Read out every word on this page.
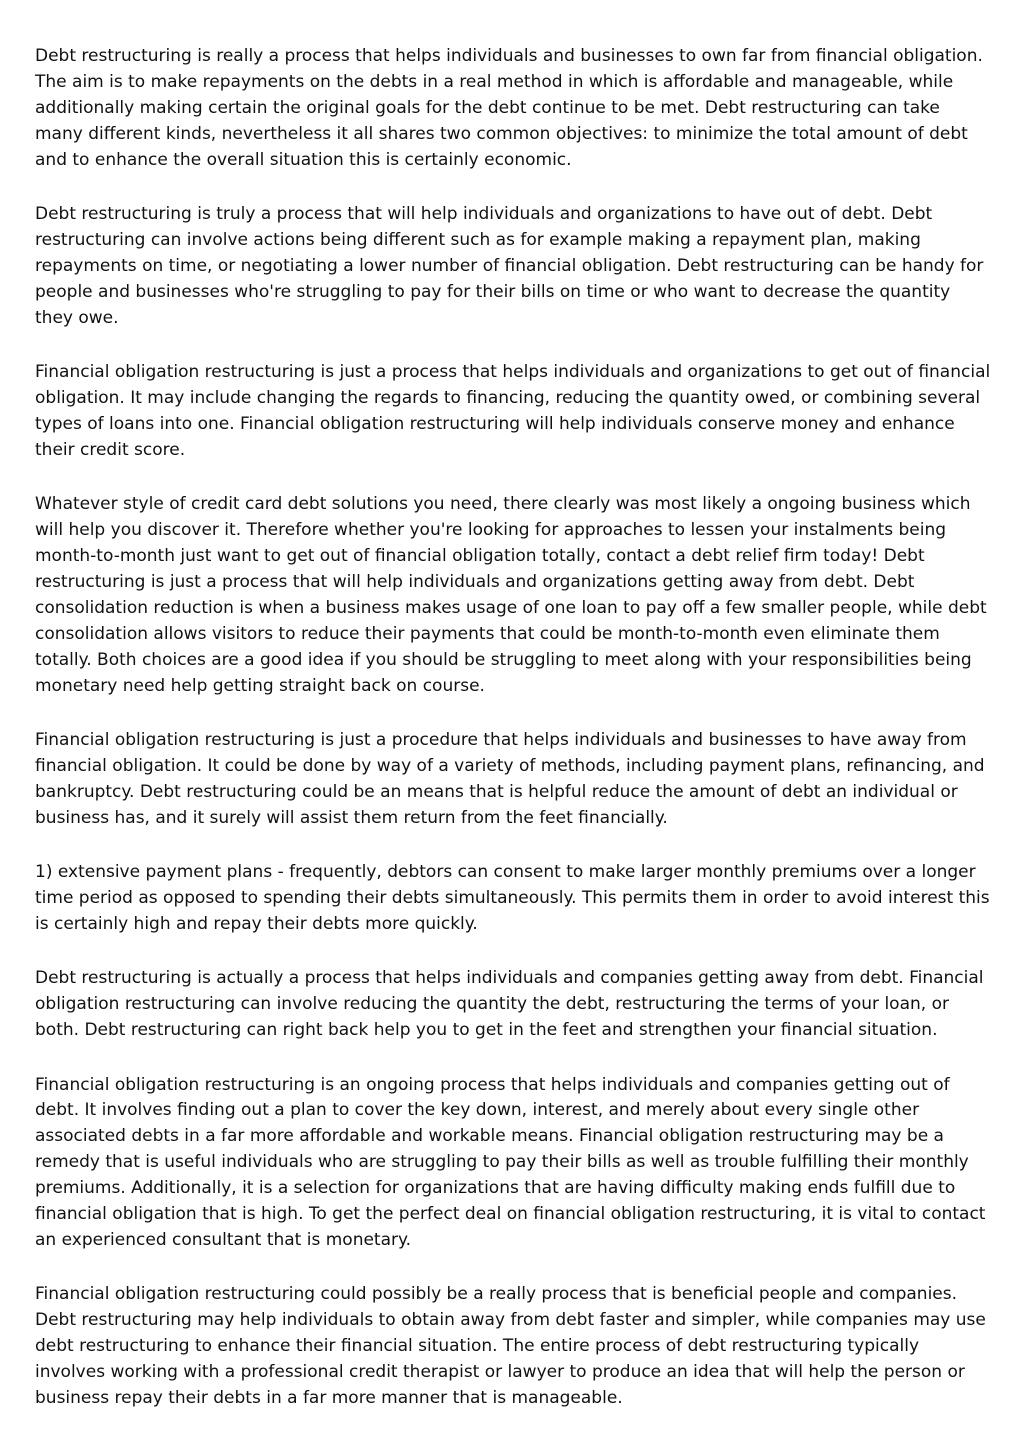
Debt restructuring is really a process that helps individuals and businesses to own far from financial obligation. The aim is to make repayments on the debts in a real method in which is affordable and manageable, while additionally making certain the original goals for the debt continue to be met. Debt restructuring can take many different kinds, nevertheless it all shares two common objectives: to minimize the total amount of debt and to enhance the overall situation this is certainly economic.

Debt restructuring is truly a process that will help individuals and organizations to have out of debt. Debt restructuring can involve actions being different such as for example making a repayment plan, making repayments on time, or negotiating a lower number of financial obligation. Debt restructuring can be handy for people and businesses who're struggling to pay for their bills on time or who want to decrease the quantity they owe.

Financial obligation restructuring is just a process that helps individuals and organizations to get out of financial obligation. It may include changing the regards to financing, reducing the quantity owed, or combining several types of loans into one. Financial obligation restructuring will help individuals conserve money and enhance their credit score.

Whatever style of credit card debt solutions you need, there clearly was most likely a ongoing business which will help you discover it. Therefore whether you're looking for approaches to lessen your instalments being month-to-month just want to get out of financial obligation totally, contact a debt relief firm today! Debt restructuring is just a process that will help individuals and organizations getting away from debt. Debt consolidation reduction is when a business makes usage of one loan to pay off a few smaller people, while debt consolidation allows visitors to reduce their payments that could be month-to-month even eliminate them totally. Both choices are a good idea if you should be struggling to meet along with your responsibilities being monetary need help getting straight back on course.

Financial obligation restructuring is just a procedure that helps individuals and businesses to have away from financial obligation. It could be done by way of a variety of methods, including payment plans, refinancing, and bankruptcy. Debt restructuring could be an means that is helpful reduce the amount of debt an individual or business has, and it surely will assist them return from the feet financially.

1) extensive payment plans - frequently, debtors can consent to make larger monthly premiums over a longer time period as opposed to spending their debts simultaneously. This permits them in order to avoid interest this is certainly high and repay their debts more quickly.

Debt restructuring is actually a process that helps individuals and companies getting away from debt. Financial obligation restructuring can involve reducing the quantity the debt, restructuring the terms of your loan, or both. Debt restructuring can right back help you to get in the feet and strengthen your financial situation.

Financial obligation restructuring is an ongoing process that helps individuals and companies getting out of debt. It involves finding out a plan to cover the key down, interest, and merely about every single other associated debts in a far more affordable and workable means. Financial obligation restructuring may be a remedy that is useful individuals who are struggling to pay their bills as well as trouble fulfilling their monthly premiums. Additionally, it is a selection for organizations that are having difficulty making ends fulfill due to financial obligation that is high. To get the perfect deal on financial obligation restructuring, it is vital to contact an experienced consultant that is monetary.

Financial obligation restructuring could possibly be a really process that is beneficial people and companies. Debt restructuring may help individuals to obtain away from debt faster and simpler, while companies may use debt restructuring to enhance their financial situation. The entire process of debt restructuring typically involves working with a professional credit therapist or lawyer to produce an idea that will help the person or business repay their debts in a far more manner that is manageable.
